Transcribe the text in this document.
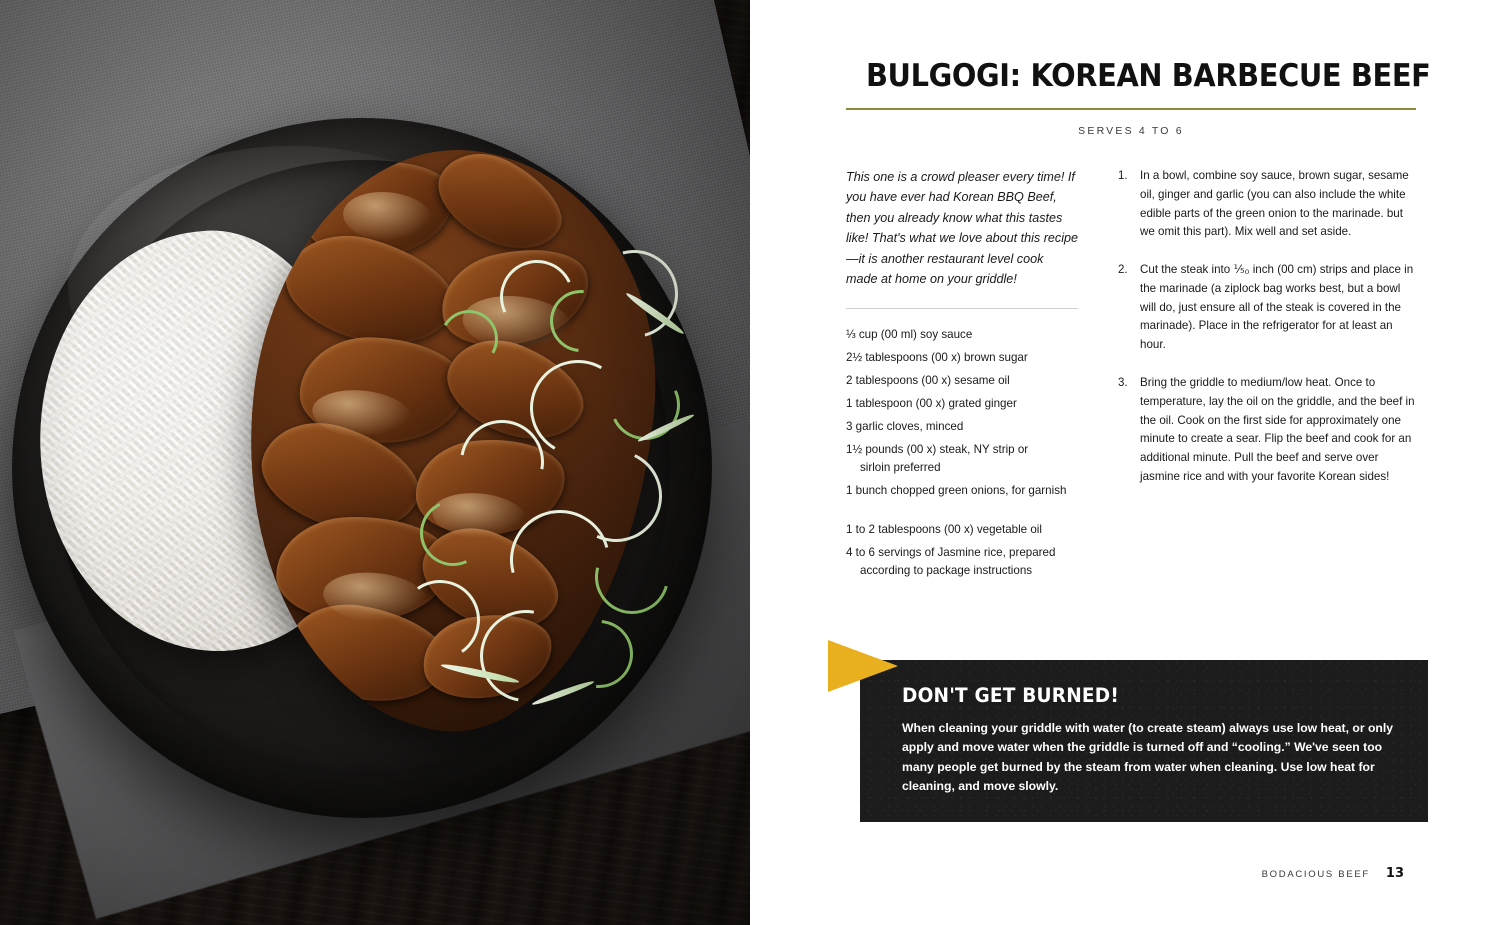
BULGOGI: KOREAN BARBECUE BEEF
SERVES 4 TO 6

This one is a crowd pleaser every time! If you have ever had Korean BBQ Beef, then you already know what this tastes like! That's what we love about this recipe—it is another restaurant level cook made at home on your griddle!

⅓ cup (00 ml) soy sauce
2½ tablespoons (00 x) brown sugar
2 tablespoons (00 x) sesame oil
1 tablespoon (00 x) grated ginger
3 garlic cloves, minced
1½ pounds (00 x) steak, NY strip or
sirloin preferred
1 bunch chopped green onions, for garnish
1 to 2 tablespoons (00 x) vegetable oil
4 to 6 servings of Jasmine rice, prepared
according to package instructions
1.	In a bowl, combine soy sauce, brown sugar, sesame oil, ginger and garlic (you can also include the white edible parts of the green onion to the marinade. but we omit this part). Mix well and set aside.
2.	Cut the steak into ⅕₀ inch (00 cm) strips and place in the marinade (a ziplock bag works best, but a bowl will do, just ensure all of the steak is covered in the marinade). Place in the refrigerator for at least an hour.
3.	Bring the griddle to medium/low heat. Once to temperature, lay the oil on the griddle, and the beef in the oil. Cook on the first side for approximately one minute to create a sear. Flip the beef and cook for an additional minute. Pull the beef and serve over jasmine rice and with your favorite Korean sides!
DON'T GET BURNED!
When cleaning your griddle with water (to create steam) always use low heat, or only apply and move water when the griddle is turned off and “cooling.” We've seen too many people get burned by the steam from water when cleaning. Use low heat for cleaning, and move slowly.
BODACIOUS BEEF 13
